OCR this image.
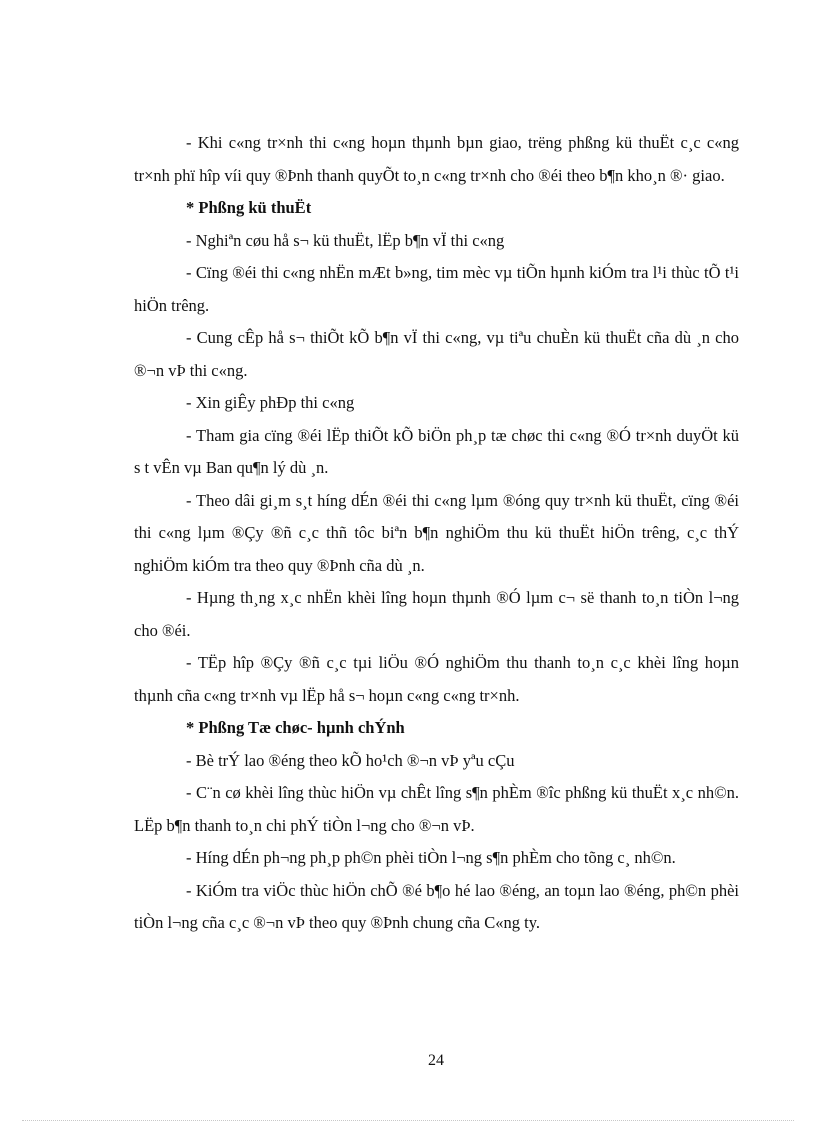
- Khi c«ng tr×nh thi c«ng hoµn thµnh bµn giao, trëng phßng kü thuËt c¸c c«ng tr×nh phï hîp víi quy ®Þnh thanh quyÕt to¸n c«ng tr×nh cho ®éi theo b¶n kho¸n ®· giao.

* Phßng kü thuËt

- Nghiªn cøu hå s¬ kü thuËt, lËp b¶n vÏ thi c«ng

- Cïng ®éi thi c«ng nhËn mÆt b»ng, tim mèc vµ tiÕn hµnh kiÓm tra l¹i thùc tÕ t¹i hiÖn trêng.

- Cung cÊp hå s¬ thiÕt kÕ b¶n vÏ thi c«ng, vµ tiªu chuÈn kü thuËt cña dù ¸n cho ®¬n vÞ thi c«ng.

- Xin giÊy phÐp thi c«ng

- Tham gia cïng ®éi lËp thiÕt kÕ biÖn ph¸p tæ chøc thi c«ng ®Ó tr×nh duyÖt kü s t vÊn vµ Ban qu¶n lý dù ¸n.

- Theo dâi gi¸m s¸t híng dÉn ®éi thi c«ng lµm ®óng quy tr×nh kü thuËt, cïng ®éi thi c«ng lµm ®Çy ®ñ c¸c thñ tôc biªn b¶n nghiÖm thu kü thuËt hiÖn trêng, c¸c thÝ nghiÖm kiÓm tra theo quy ®Þnh cña dù ¸n.

- Hµng th¸ng x¸c nhËn khèi lîng hoµn thµnh ®Ó lµm c¬ së thanh to¸n tiÒn l¬ng cho ®éi.

- TËp hîp ®Çy ®ñ c¸c tµi liÖu ®Ó nghiÖm thu thanh to¸n c¸c khèi lîng hoµn thµnh cña c«ng tr×nh vµ lËp hå s¬ hoµn c«ng c«ng tr×nh.

* Phßng Tæ chøc- hµnh chÝnh

- Bè trÝ lao ®éng theo kÕ ho¹ch ®¬n vÞ yªu cÇu

- C¨n cø khèi lîng thùc hiÖn vµ chÊt lîng s¶n phÈm ®îc phßng kü thuËt x¸c nh©n. LËp b¶n thanh to¸n chi phÝ tiÒn l¬ng cho ®¬n vÞ.

- Híng dÉn ph¬ng ph¸p ph©n phèi tiÒn l¬ng s¶n phÈm cho tõng c¸ nh©n.

- KiÓm tra viÖc thùc hiÖn chÕ ®é b¶o hé lao ®éng, an toµn lao ®éng, ph©n phèi tiÒn l¬ng cña c¸c ®¬n vÞ theo quy ®Þnh chung cña C«ng ty.

24
